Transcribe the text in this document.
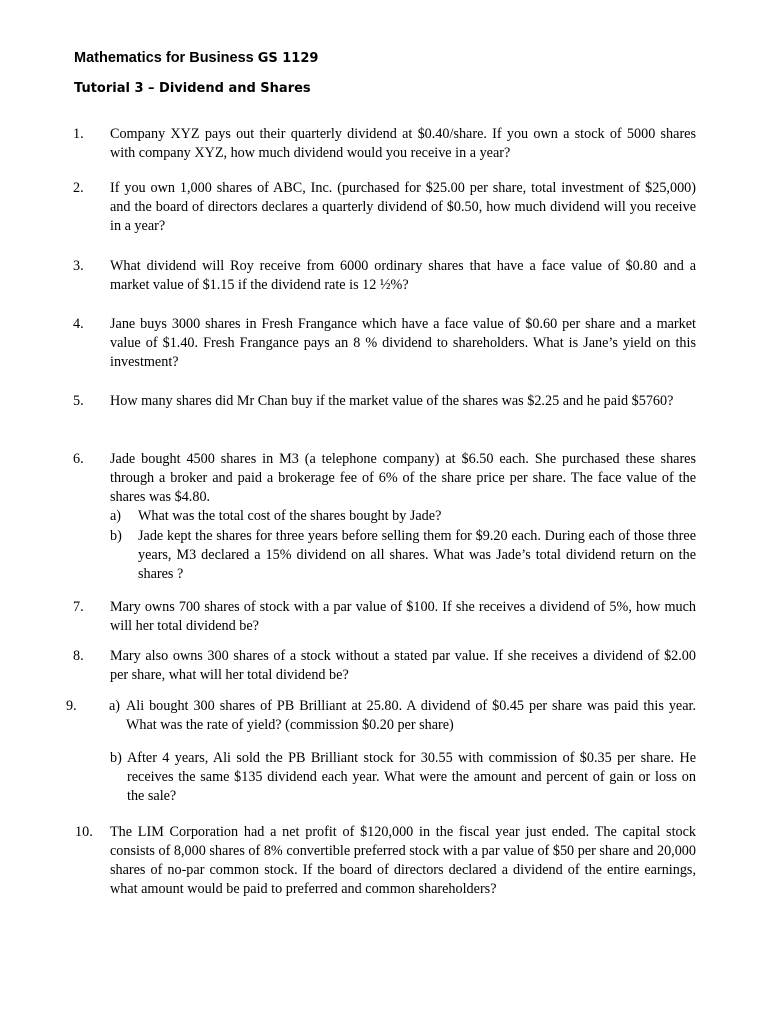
Mathematics for Business GS 1129
Tutorial 3 – Dividend and Shares
1. Company XYZ pays out their quarterly dividend at $0.40/share. If you own a stock of 5000 shares with company XYZ, how much dividend would you receive in a year?
2. If you own 1,000 shares of ABC, Inc. (purchased for $25.00 per share, total investment of $25,000) and the board of directors declares a quarterly dividend of $0.50, how much dividend will you receive in a year?
3. What dividend will Roy receive from 6000 ordinary shares that have a face value of $0.80 and a market value of $1.15 if the dividend rate is 12 ½%?
4. Jane buys 3000 shares in Fresh Frangance which have a face value of $0.60 per share and a market value of $1.40. Fresh Frangance pays an 8 % dividend to shareholders. What is Jane’s yield on this investment?
5. How many shares did Mr Chan buy if the market value of the shares was $2.25 and he paid $5760?
6. Jade bought 4500 shares in M3 (a telephone company) at $6.50 each. She purchased these shares through a broker and paid a brokerage fee of 6% of the share price per share. The face value of the shares was $4.80.
a) What was the total cost of the shares bought by Jade?
b) Jade kept the shares for three years before selling them for $9.20 each. During each of those three years, M3 declared a 15% dividend on all shares. What was Jade’s total dividend return on the shares ?
7. Mary owns 700 shares of stock with a par value of $100. If she receives a dividend of 5%, how much will her total dividend be?
8. Mary also owns 300 shares of a stock without a stated par value. If she receives a dividend of $2.00 per share, what will her total dividend be?
9. a) Ali bought 300 shares of PB Brilliant at 25.80. A dividend of $0.45 per share was paid this year. What was the rate of yield? (commission $0.20 per share)
b) After 4 years, Ali sold the PB Brilliant stock for 30.55 with commission of $0.35 per share. He receives the same $135 dividend each year. What were the amount and percent of gain or loss on the sale?
10. The LIM Corporation had a net profit of $120,000 in the fiscal year just ended. The capital stock consists of 8,000 shares of 8% convertible preferred stock with a par value of $50 per share and 20,000 shares of no-par common stock. If the board of directors declared a dividend of the entire earnings, what amount would be paid to preferred and common shareholders?
